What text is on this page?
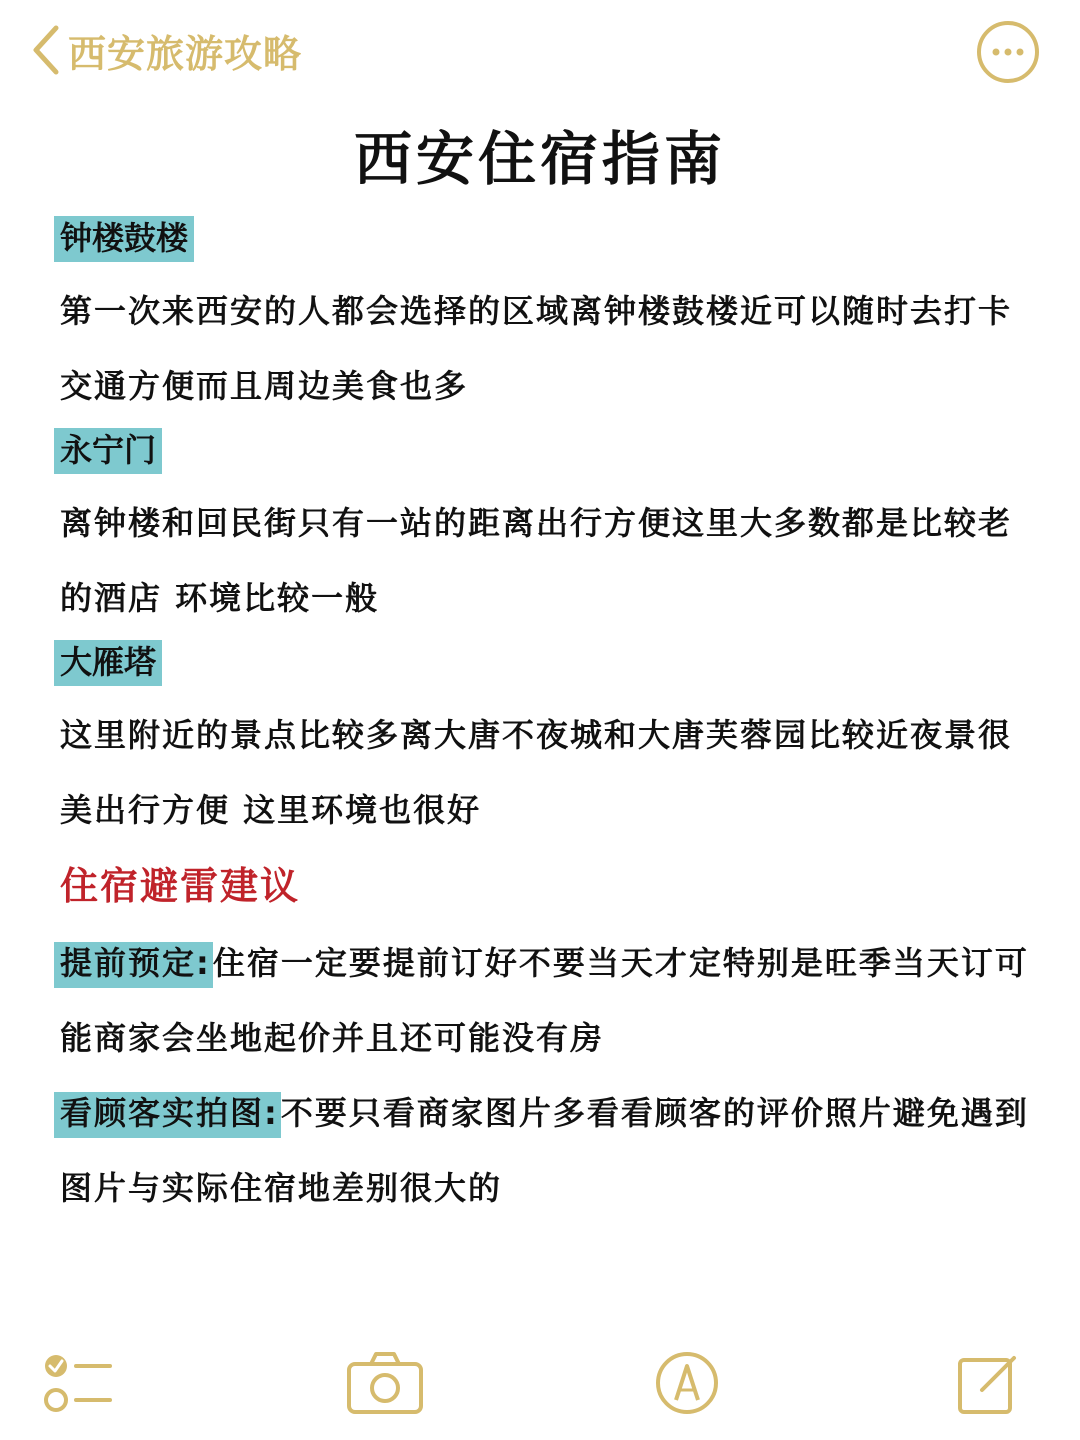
西安旅游攻略
西安住宿指南
钟楼鼓楼

第一次来西安的人都会选择的区域离钟楼鼓楼近可以随时去打卡
交通方便而且周边美食也多

永宁门

离钟楼和回民街只有一站的距离出行方便这里大多数都是比较老
的酒店 环境比较一般

大雁塔

这里附近的景点比较多离大唐不夜城和大唐芙蓉园比较近夜景很
美出行方便 这里环境也很好

住宿避雷建议
提前预定:住宿一定要提前订好不要当天才定特别是旺季当天订可
能商家会坐地起价并且还可能没有房
看顾客实拍图:不要只看商家图片多看看顾客的评价照片避免遇到
图片与实际住宿地差别很大的
